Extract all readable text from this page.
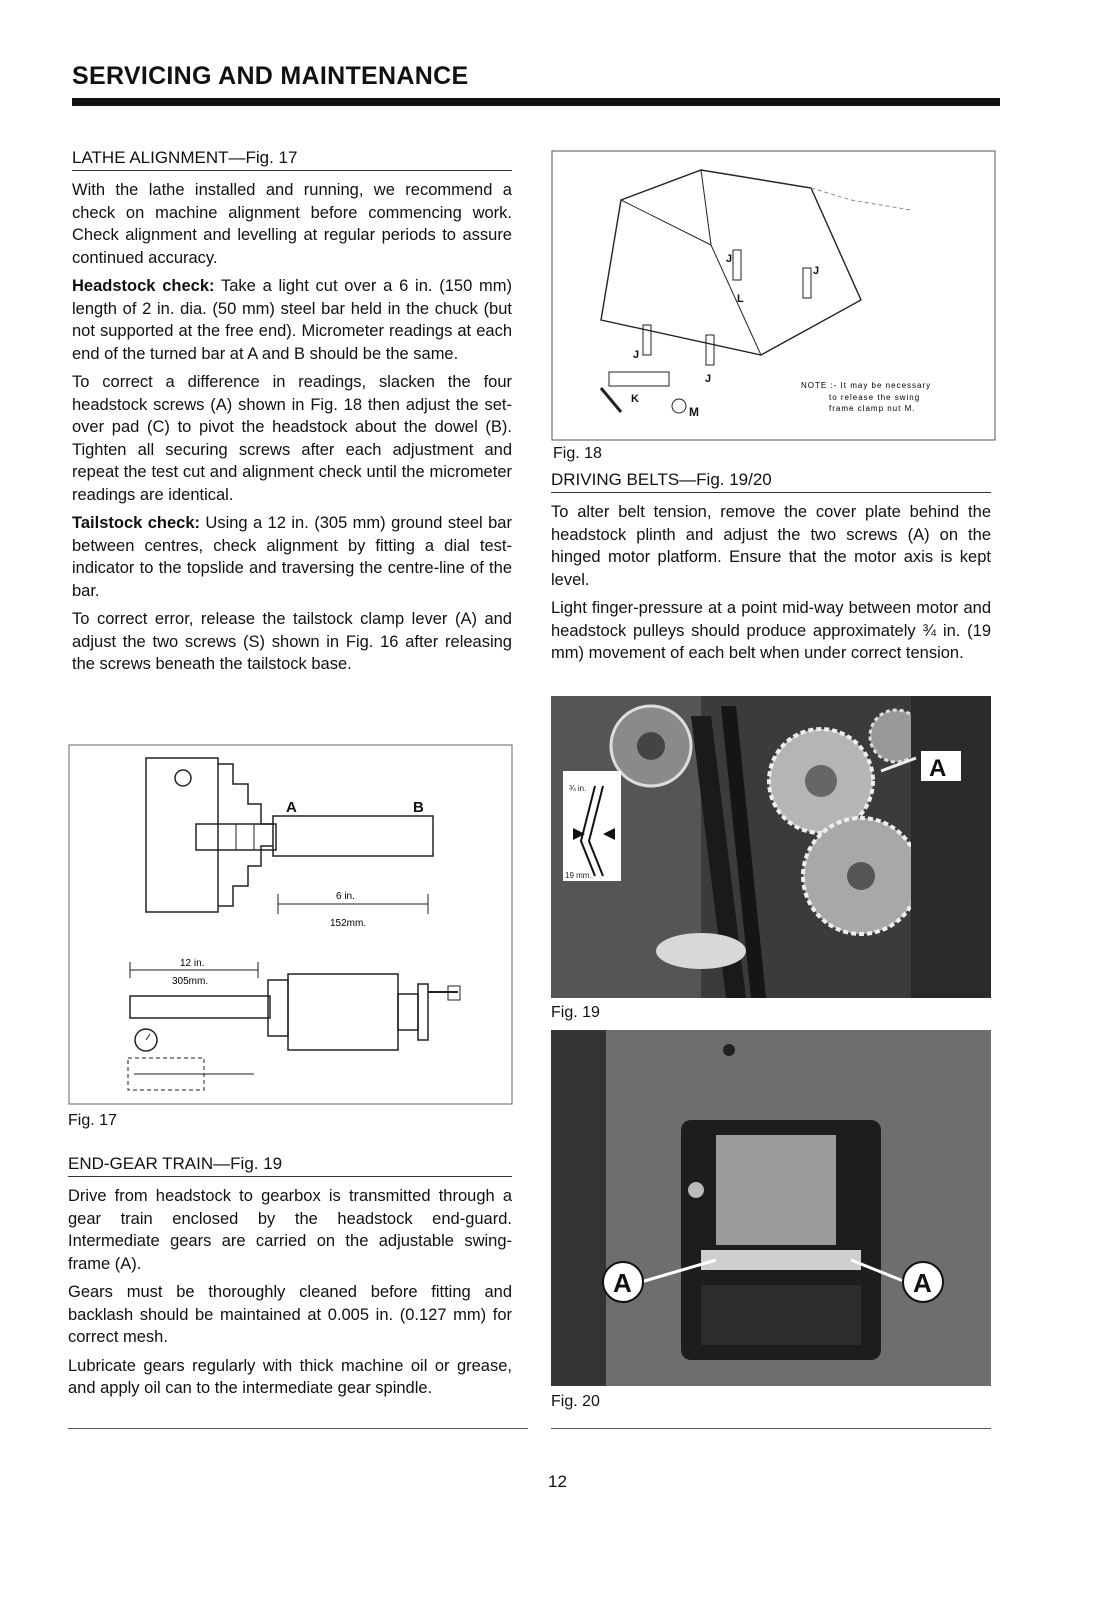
SERVICING AND MAINTENANCE
LATHE ALIGNMENT—Fig. 17

With the lathe installed and running, we recommend a check on machine alignment before commencing work. Check alignment and levelling at regular periods to assure continued accuracy.

Headstock check: Take a light cut over a 6 in. (150 mm) length of 2 in. dia. (50 mm) steel bar held in the chuck (but not supported at the free end). Micrometer readings at each end of the turned bar at A and B should be the same.

To correct a difference in readings, slacken the four headstock screws (A) shown in Fig. 18 then adjust the set-over pad (C) to pivot the headstock about the dowel (B). Tighten all securing screws after each adjustment and repeat the test cut and alignment check until the micrometer readings are identical.

Tailstock check: Using a 12 in. (305 mm) ground steel bar between centres, check alignment by fitting a dial test-indicator to the topslide and traversing the centre-line of the bar.

To correct error, release the tailstock clamp lever (A) and adjust the two screws (S) shown in Fig. 16 after releasing the screws beneath the tailstock base.

A	B
6 in.
152mm.
12 in.
305mm.
Fig. 17
END-GEAR TRAIN—Fig. 19

Drive from headstock to gearbox is transmitted through a gear train enclosed by the headstock end-guard. Intermediate gears are carried on the adjustable swing-frame (A).

Gears must be thoroughly cleaned before fitting and backlash should be maintained at 0.005 in. (0.127 mm) for correct mesh.

Lubricate gears regularly with thick machine oil or grease, and apply oil can to the intermediate gear spindle.

J
J
L
J
J
K
M
NOTE :- It may be necessary
to release the swing
frame clamp nut M.
Fig. 18
DRIVING BELTS—Fig. 19/20

To alter belt tension, remove the cover plate behind the headstock plinth and adjust the two screws (A) on the hinged motor platform. Ensure that the motor axis is kept level.

Light finger-pressure at a point mid-way between motor and headstock pulleys should produce approximately ¾ in. (19 mm) movement of each belt when under correct tension.

¾ in.
19 mm.
A
Fig. 19
A	A
Fig. 20
12
